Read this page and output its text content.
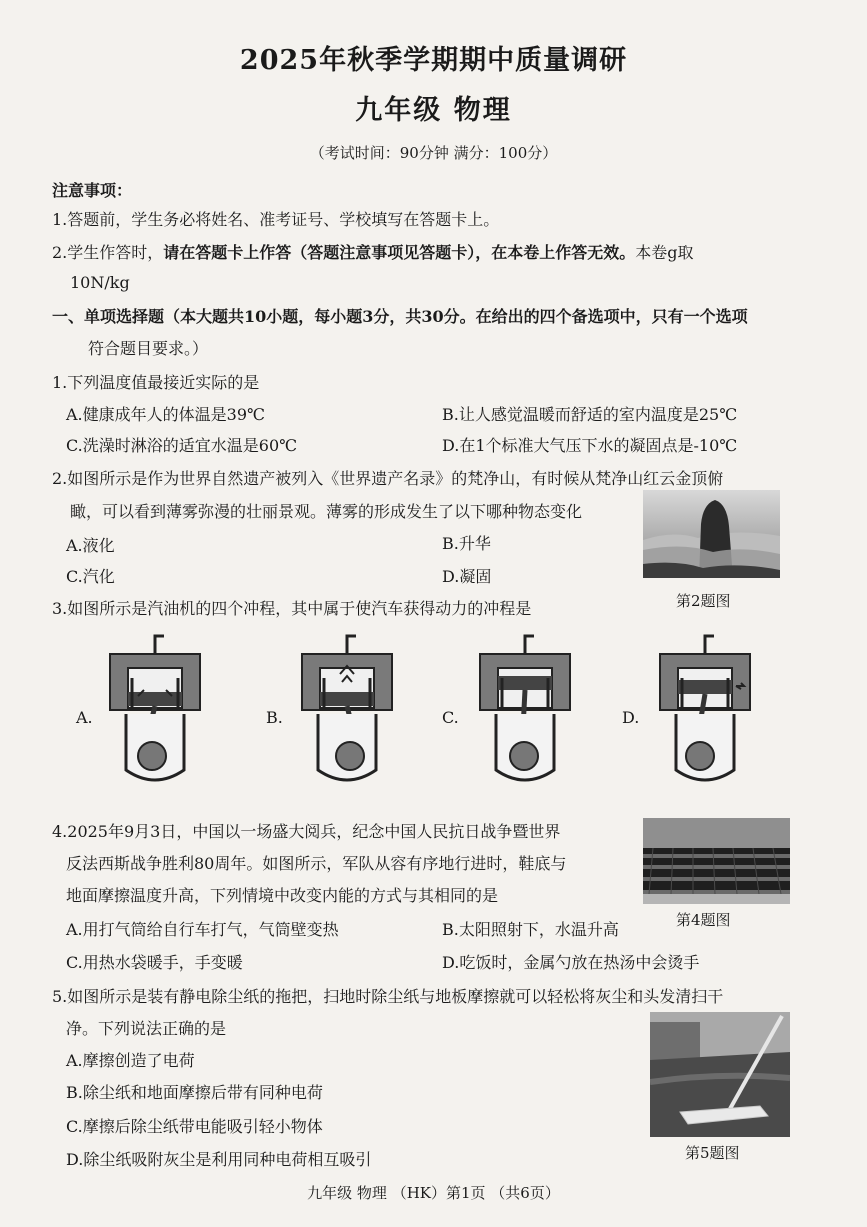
2025年秋季学期期中质量调研
九年级 物理
（考试时间：90分钟 满分：100分）
注意事项：
1.答题前，学生务必将姓名、准考证号、学校填写在答题卡上。
2.学生作答时，请在答题卡上作答（答题注意事项见答题卡），在本卷上作答无效。本卷g取
10N/kg
一、单项选择题（本大题共10小题，每小题3分，共30分。在给出的四个备选项中，只有一个选项
符合题目要求。）
1.下列温度值最接近实际的是
A.健康成年人的体温是39℃	B.让人感觉温暖而舒适的室内温度是25℃
C.洗澡时淋浴的适宜水温是60℃	D.在1个标准大气压下水的凝固点是-10℃
2.如图所示是作为世界自然遗产被列入《世界遗产名录》的梵净山，有时候从梵净山红云金顶俯
瞰，可以看到薄雾弥漫的壮丽景观。薄雾的形成发生了以下哪种物态变化
A.液化	B.升华
C.汽化	D.凝固
第2题图
3.如图所示是汽油机的四个冲程，其中属于使汽车获得动力的冲程是
A.	B.	C.	D.
4.2025年9月3日，中国以一场盛大阅兵，纪念中国人民抗日战争暨世界
反法西斯战争胜利80周年。如图所示，军队从容有序地行进时，鞋底与
地面摩擦温度升高，下列情境中改变内能的方式与其相同的是
A.用打气筒给自行车打气，气筒壁变热	B.太阳照射下，水温升高
C.用热水袋暖手，手变暖	D.吃饭时，金属勺放在热汤中会烫手
第4题图
5.如图所示是装有静电除尘纸的拖把，扫地时除尘纸与地板摩擦就可以轻松将灰尘和头发清扫干
净。下列说法正确的是
A.摩擦创造了电荷
B.除尘纸和地面摩擦后带有同种电荷
C.摩擦后除尘纸带电能吸引轻小物体
D.除尘纸吸附灰尘是利用同种电荷相互吸引	第5题图
九年级 物理 （HK）第1页 （共6页）
